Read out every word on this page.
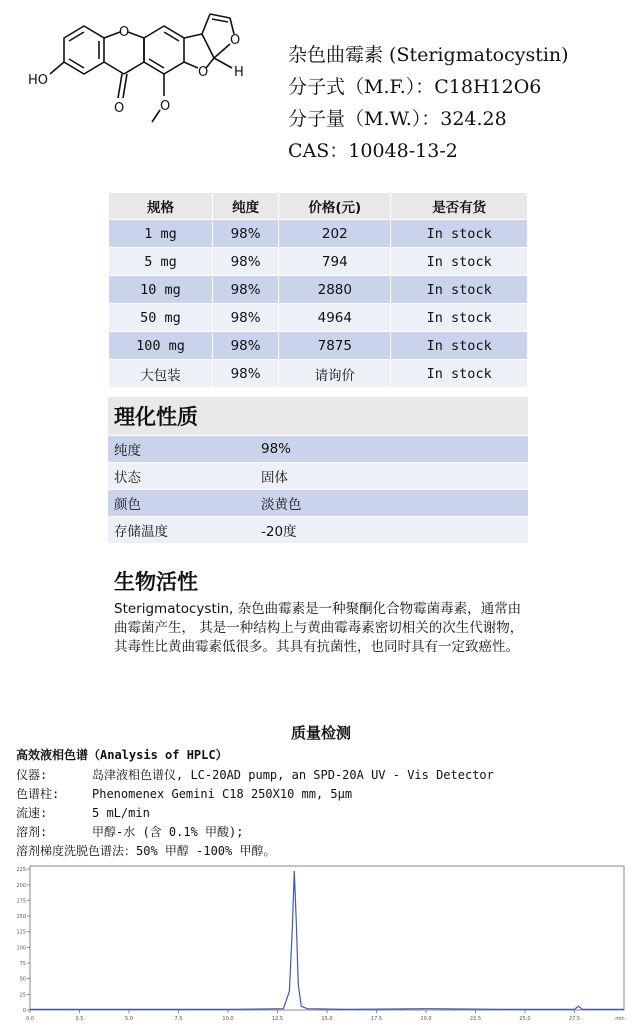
HO
H
O
O	O
O
O
杂色曲霉素 (Sterigmatocystin)
分子式（M.F.）：C18H12O6
分子量（M.W.）：324.28
CAS：10048-13-2
规格	纯度	价格(元)	是否有货
1 mg	98%	202	In stock
5 mg	98%	794	In stock
10 mg	98%	2880	In stock
50 mg	98%	4964	In stock
100 mg	98%	7875	In stock
大包装	98%	请询价	In stock
理化性质	
纯度	98%
状态	固体
颜色	淡黄色
存储温度	-20度
生物活性
Sterigmatocystin, 杂色曲霉素是一种聚酮化合物霉菌毒素，通常由曲霉菌产生， 其是一种结构上与黄曲霉毒素密切相关的次生代谢物，其毒性比黄曲霉素低很多。其具有抗菌性，也同时具有一定致癌性。
质量检测
高效液相色谱（Analysis of HPLC）
仪器:	岛津液相色谱仪, LC-20AD pump, an SPD-20A UV - Vis Detector
色谱柱:	Phenomenex Gemini C18 250X10 mm, 5μm
流速:	5 mL/min
溶剂:	甲醇-水 (含 0.1% 甲酸);
溶剂梯度洗脱色谱法：50% 甲醇 -100% 甲醇。
225
200
175
150
125
100
75
50
25
0
0.0	2.5	5.0	7.5	10.0	12.5	15.0	17.5	20.0	22.5	25.0	27.5	min
